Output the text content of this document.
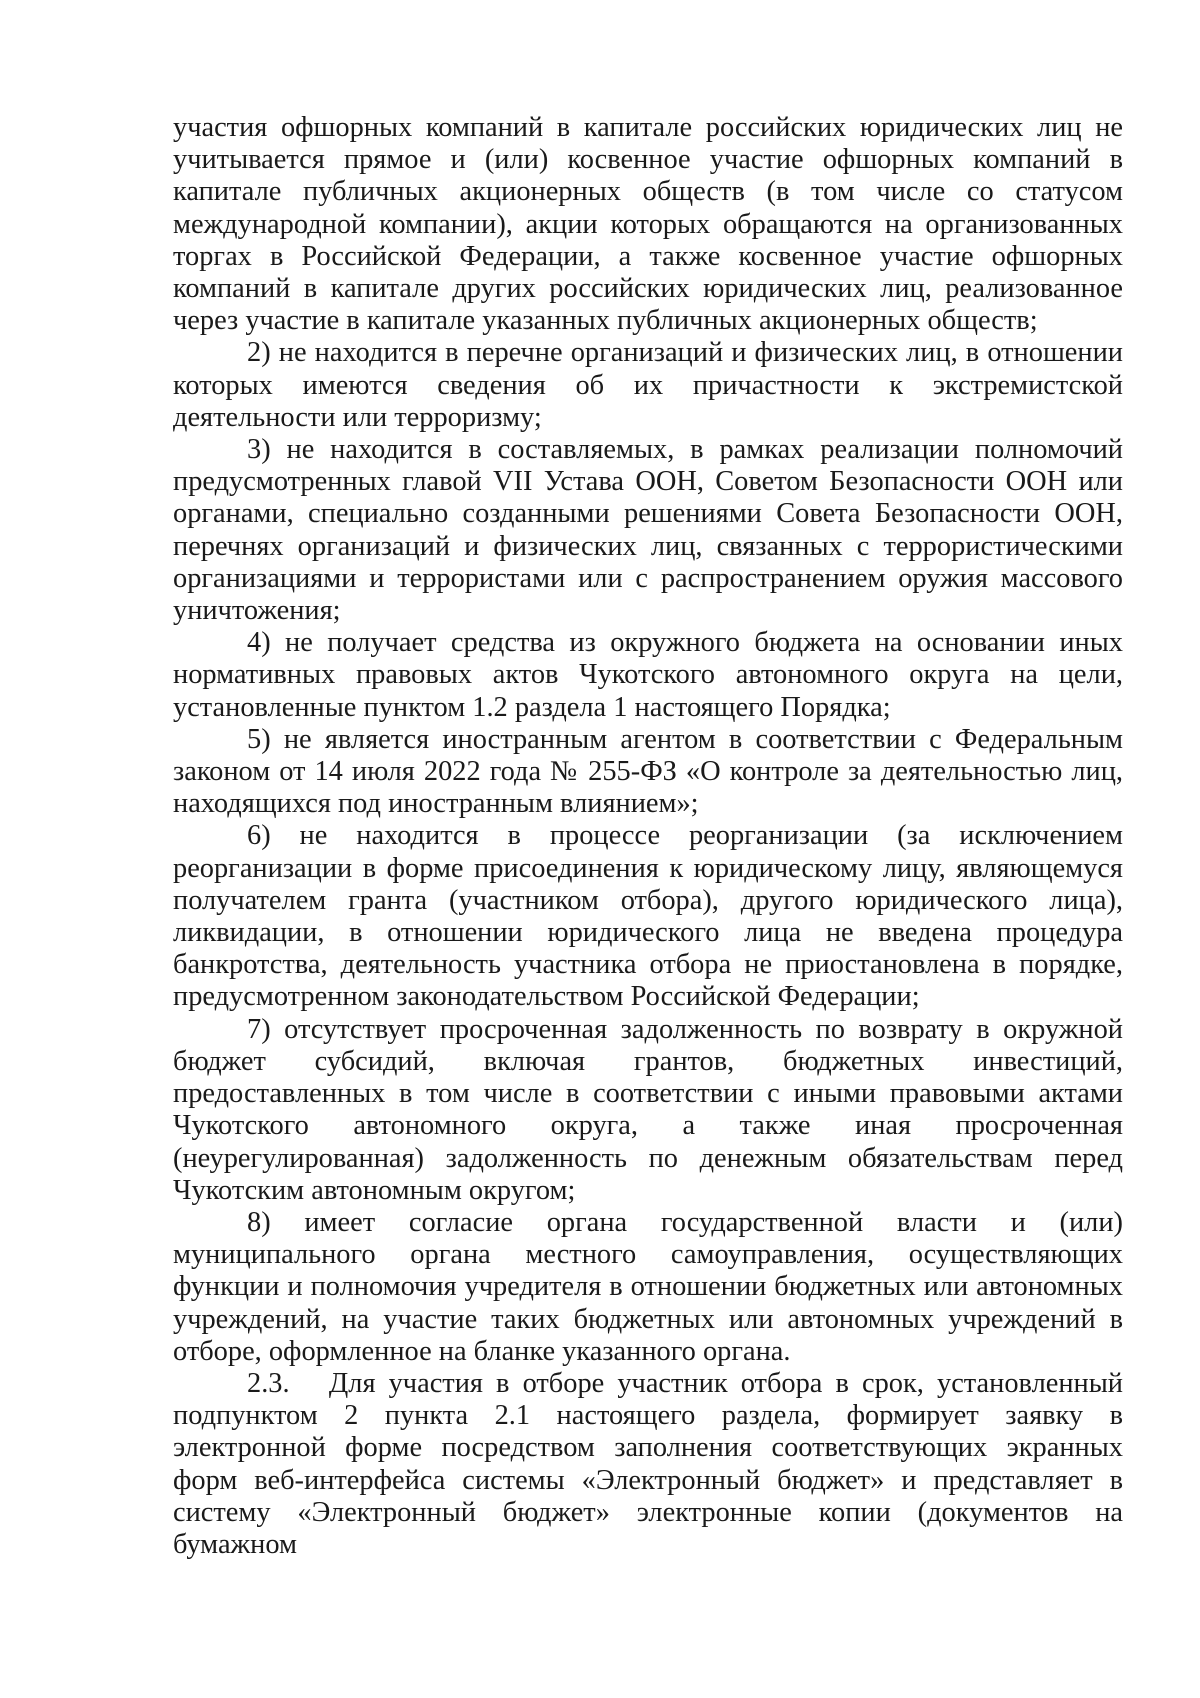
участия офшорных компаний в капитале российских юридических лиц не учитывается прямое и (или) косвенное участие офшорных компаний в капитале публичных акционерных обществ (в том числе со статусом международной компании), акции которых обращаются на организованных торгах в Российской Федерации, а также косвенное участие офшорных компаний в капитале других российских юридических лиц, реализованное через участие в капитале указанных публичных акционерных обществ;

2) не находится в перечне организаций и физических лиц, в отношении которых имеются сведения об их причастности к экстремистской деятельности или терроризму;

3) не находится в составляемых, в рамках реализации полномочий предусмотренных главой VII Устава ООН, Советом Безопасности ООН или органами, специально созданными решениями Совета Безопасности ООН, перечнях организаций и физических лиц, связанных с террористическими организациями и террористами или с распространением оружия массового уничтожения;

4) не получает средства из окружного бюджета на основании иных нормативных правовых актов Чукотского автономного округа на цели, установленные пунктом 1.2 раздела 1 настоящего Порядка;

5) не является иностранным агентом в соответствии с Федеральным законом от 14 июля 2022 года № 255-ФЗ «О контроле за деятельностью лиц, находящихся под иностранным влиянием»;

6) не находится в процессе реорганизации (за исключением реорганизации в форме присоединения к юридическому лицу, являющемуся получателем гранта (участником отбора), другого юридического лица), ликвидации, в отношении юридического лица не введена процедура банкротства, деятельность участника отбора не приостановлена в порядке, предусмотренном законодательством Российской Федерации;

7) отсутствует просроченная задолженность по возврату в окружной бюджет субсидий, включая грантов, бюджетных инвестиций, предоставленных в том числе в соответствии с иными правовыми актами Чукотского автономного округа, а также иная просроченная (неурегулированная) задолженность по денежным обязательствам перед Чукотским автономным округом;

8) имеет согласие органа государственной власти и (или) муниципального органа местного самоуправления, осуществляющих функции и полномочия учредителя в отношении бюджетных или автономных учреждений, на участие таких бюджетных или автономных учреждений в отборе, оформленное на бланке указанного органа.

2.3.   Для участия в отборе участник отбора в срок, установленный подпунктом 2 пункта 2.1 настоящего раздела, формирует заявку в электронной форме посредством заполнения соответствующих экранных форм веб-интерфейса системы «Электронный бюджет» и представляет в систему «Электронный бюджет» электронные копии (документов на бумажном
